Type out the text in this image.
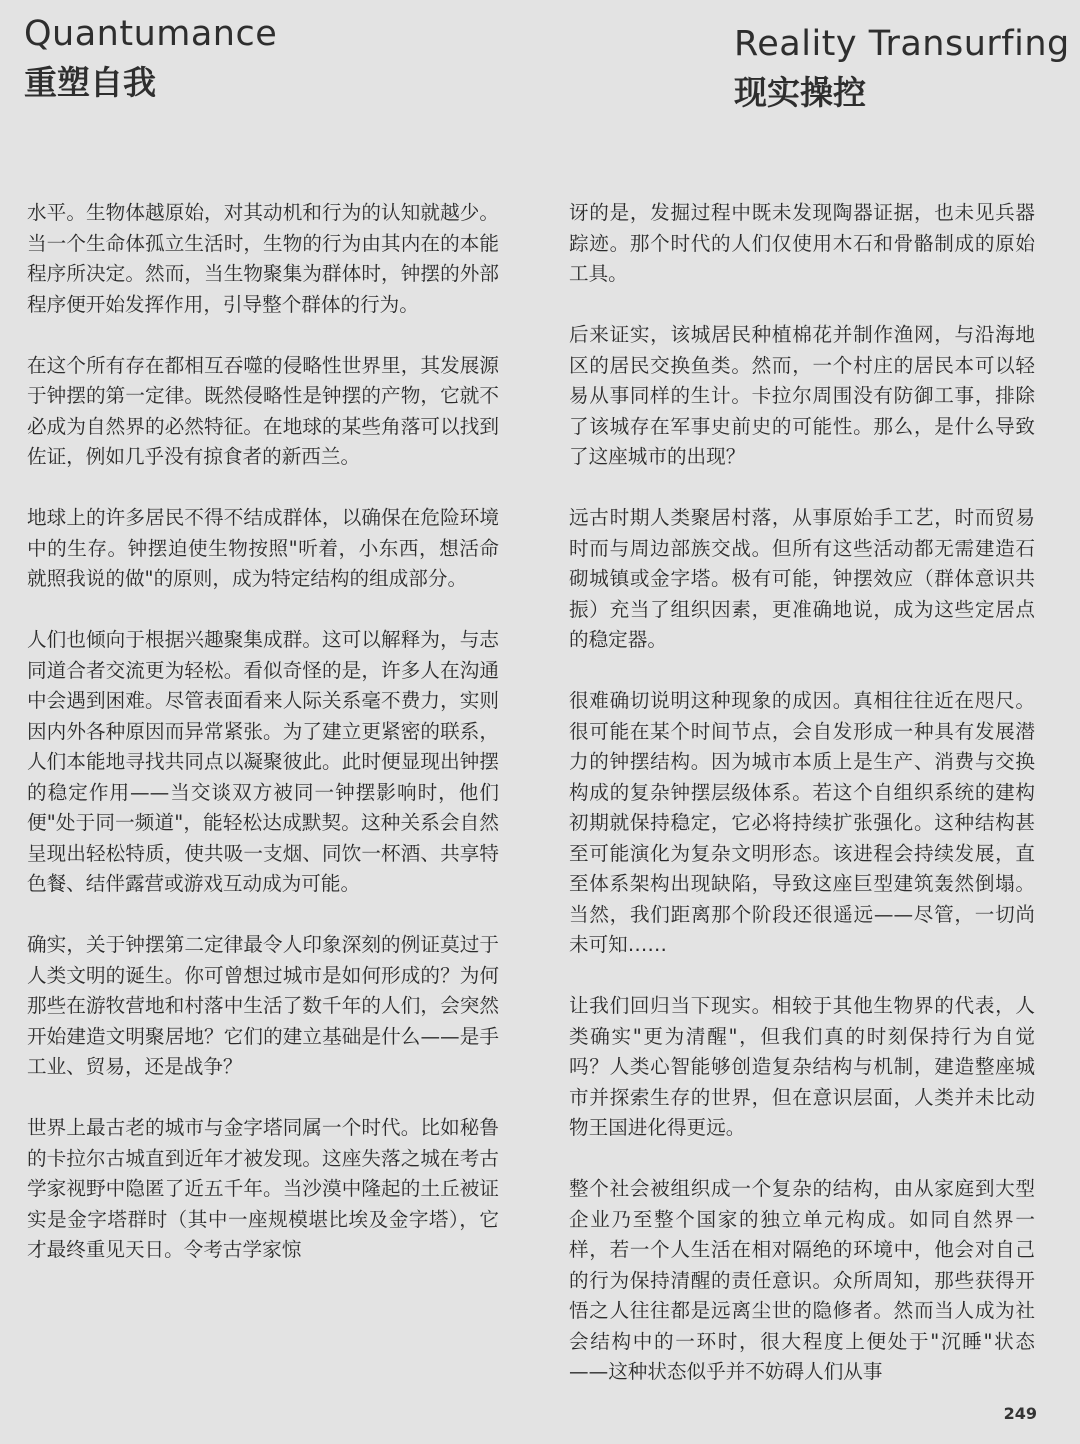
Quantumance
重塑自我
Reality Transurfing
现实操控

水平。生物体越原始，对其动机和行为的认知就越少。当一个生命体孤立生活时，生物的行为由其内在的本能程序所决定。然而，当生物聚集为群体时，钟摆的外部程序便开始发挥作用，引导整个群体的行为。

在这个所有存在都相互吞噬的侵略性世界里，其发展源于钟摆的第一定律。既然侵略性是钟摆的产物，它就不必成为自然界的必然特征。在地球的某些角落可以找到佐证，例如几乎没有掠食者的新西兰。

地球上的许多居民不得不结成群体，以确保在危险环境中的生存。钟摆迫使生物按照"听着，小东西，想活命就照我说的做"的原则，成为特定结构的组成部分。

人们也倾向于根据兴趣聚集成群。这可以解释为，与志同道合者交流更为轻松。看似奇怪的是，许多人在沟通中会遇到困难。尽管表面看来人际关系毫不费力，实则因内外各种原因而异常紧张。为了建立更紧密的联系，人们本能地寻找共同点以凝聚彼此。此时便显现出钟摆的稳定作用——当交谈双方被同一钟摆影响时，他们便"处于同一频道"，能轻松达成默契。这种关系会自然呈现出轻松特质，使共吸一支烟、同饮一杯酒、共享特色餐、结伴露营或游戏互动成为可能。

确实，关于钟摆第二定律最令人印象深刻的例证莫过于人类文明的诞生。你可曾想过城市是如何形成的？为何那些在游牧营地和村落中生活了数千年的人们，会突然开始建造文明聚居地？它们的建立基础是什么——是手工业、贸易，还是战争？

世界上最古老的城市与金字塔同属一个时代。比如秘鲁的卡拉尔古城直到近年才被发现。这座失落之城在考古学家视野中隐匿了近五千年。当沙漠中隆起的土丘被证实是金字塔群时（其中一座规模堪比埃及金字塔），它才最终重见天日。令考古学家惊

讶的是，发掘过程中既未发现陶器证据，也未见兵器踪迹。那个时代的人们仅使用木石和骨骼制成的原始工具。

后来证实，该城居民种植棉花并制作渔网，与沿海地区的居民交换鱼类。然而，一个村庄的居民本可以轻易从事同样的生计。卡拉尔周围没有防御工事，排除了该城存在军事史前史的可能性。那么，是什么导致了这座城市的出现？

远古时期人类聚居村落，从事原始手工艺，时而贸易时而与周边部族交战。但所有这些活动都无需建造石砌城镇或金字塔。极有可能，钟摆效应（群体意识共振）充当了组织因素，更准确地说，成为这些定居点的稳定器。

很难确切说明这种现象的成因。真相往往近在咫尺。很可能在某个时间节点，会自发形成一种具有发展潜力的钟摆结构。因为城市本质上是生产、消费与交换构成的复杂钟摆层级体系。若这个自组织系统的建构初期就保持稳定，它必将持续扩张强化。这种结构甚至可能演化为复杂文明形态。该进程会持续发展，直至体系架构出现缺陷，导致这座巨型建筑轰然倒塌。当然，我们距离那个阶段还很遥远——尽管，一切尚未可知……

让我们回归当下现实。相较于其他生物界的代表，人类确实"更为清醒"，但我们真的时刻保持行为自觉吗？人类心智能够创造复杂结构与机制，建造整座城市并探索生存的世界，但在意识层面，人类并未比动物王国进化得更远。

整个社会被组织成一个复杂的结构，由从家庭到大型企业乃至整个国家的独立单元构成。如同自然界一样，若一个人生活在相对隔绝的环境中，他会对自己的行为保持清醒的责任意识。众所周知，那些获得开悟之人往往都是远离尘世的隐修者。然而当人成为社会结构中的一环时，很大程度上便处于"沉睡"状态——这种状态似乎并不妨碍人们从事

249
